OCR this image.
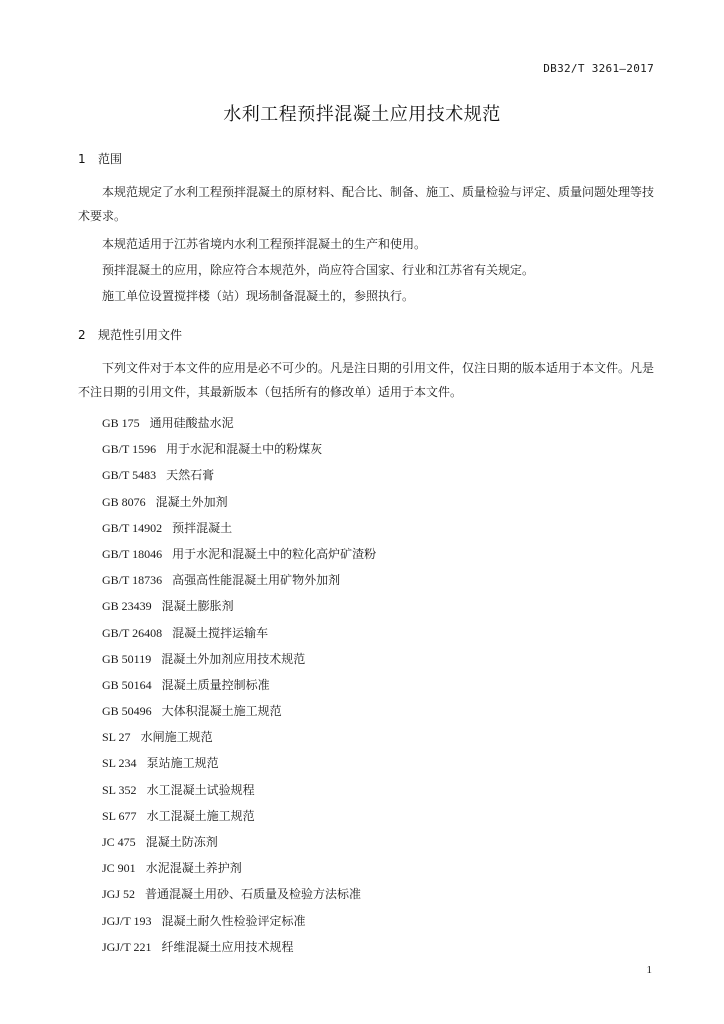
DB32/T 3261—2017
水利工程预拌混凝土应用技术规范
1 范围

本规范规定了水利工程预拌混凝土的原材料、配合比、制备、施工、质量检验与评定、质量问题处理等技术要求。

本规范适用于江苏省境内水利工程预拌混凝土的生产和使用。

预拌混凝土的应用，除应符合本规范外，尚应符合国家、行业和江苏省有关规定。

施工单位设置搅拌楼（站）现场制备混凝土的，参照执行。

2 规范性引用文件

下列文件对于本文件的应用是必不可少的。凡是注日期的引用文件，仅注日期的版本适用于本文件。凡是不注日期的引用文件，其最新版本（包括所有的修改单）适用于本文件。

GB 175 通用硅酸盐水泥
GB/T 1596 用于水泥和混凝土中的粉煤灰
GB/T 5483 天然石膏
GB 8076 混凝土外加剂
GB/T 14902 预拌混凝土
GB/T 18046 用于水泥和混凝土中的粒化高炉矿渣粉
GB/T 18736 高强高性能混凝土用矿物外加剂
GB 23439 混凝土膨胀剂
GB/T 26408 混凝土搅拌运输车
GB 50119 混凝土外加剂应用技术规范
GB 50164 混凝土质量控制标准
GB 50496 大体积混凝土施工规范
SL 27 水闸施工规范
SL 234 泵站施工规范
SL 352 水工混凝土试验规程
SL 677 水工混凝土施工规范
JC 475 混凝土防冻剂
JC 901 水泥混凝土养护剂
JGJ 52 普通混凝土用砂、石质量及检验方法标准
JGJ/T 193 混凝土耐久性检验评定标准
JGJ/T 221 纤维混凝土应用技术规程
1
